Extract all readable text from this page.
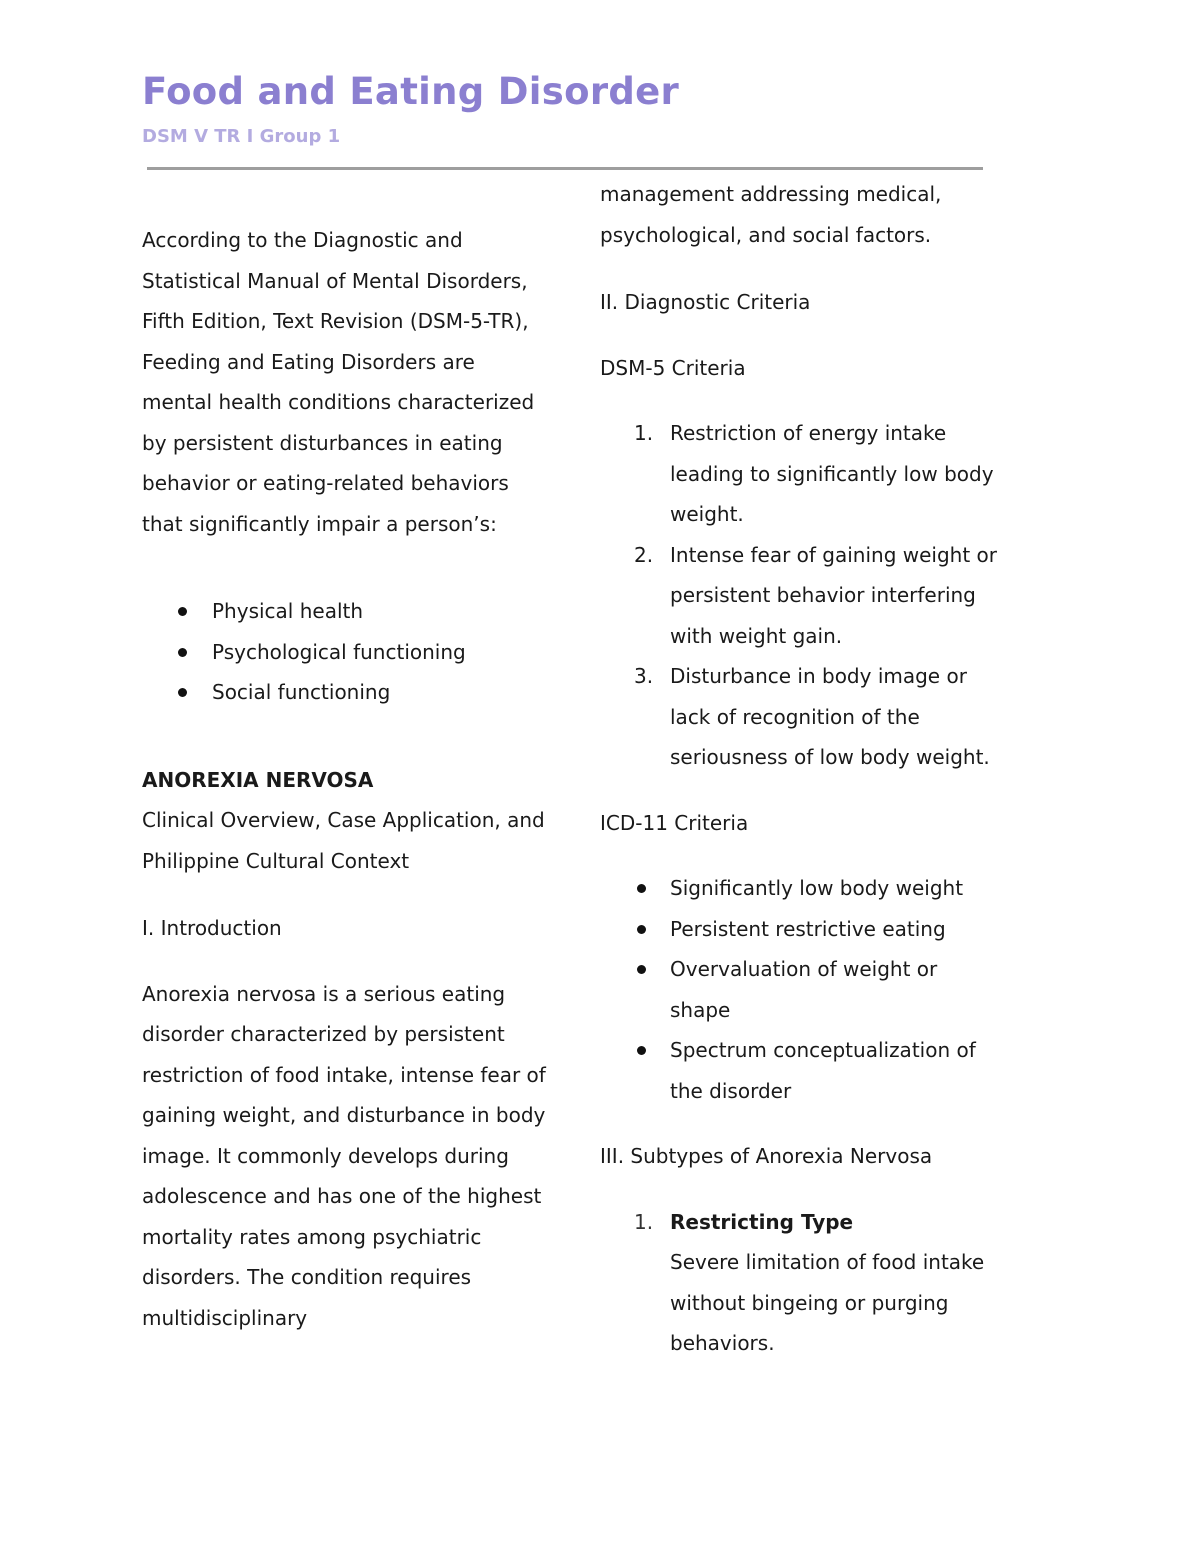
Food and Eating Disorder
DSM V TR I Group 1

According to the Diagnostic and Statistical Manual of Mental Disorders, Fifth Edition, Text Revision (DSM-5-TR), Feeding and Eating Disorders are mental health conditions characterized by persistent disturbances in eating behavior or eating-related behaviors that significantly impair a person’s:

Physical health
Psychological functioning
Social functioning

ANOREXIA NERVOSA

Clinical Overview, Case Application, and Philippine Cultural Context

I. Introduction

Anorexia nervosa is a serious eating disorder characterized by persistent restriction of food intake, intense fear of gaining weight, and disturbance in body image. It commonly develops during adolescence and has one of the highest mortality rates among psychiatric disorders. The condition requires multidisciplinary

management addressing medical, psychological, and social factors.

II. Diagnostic Criteria

DSM-5 Criteria

1. Restriction of energy intake leading to significantly low body weight.
2. Intense fear of gaining weight or persistent behavior interfering with weight gain.
3. Disturbance in body image or lack of recognition of the seriousness of low body weight.

ICD-11 Criteria

Significantly low body weight
Persistent restrictive eating
Overvaluation of weight or shape
Spectrum conceptualization of the disorder

III. Subtypes of Anorexia Nervosa

1. Restricting Type
Severe limitation of food intake without bingeing or purging behaviors.
